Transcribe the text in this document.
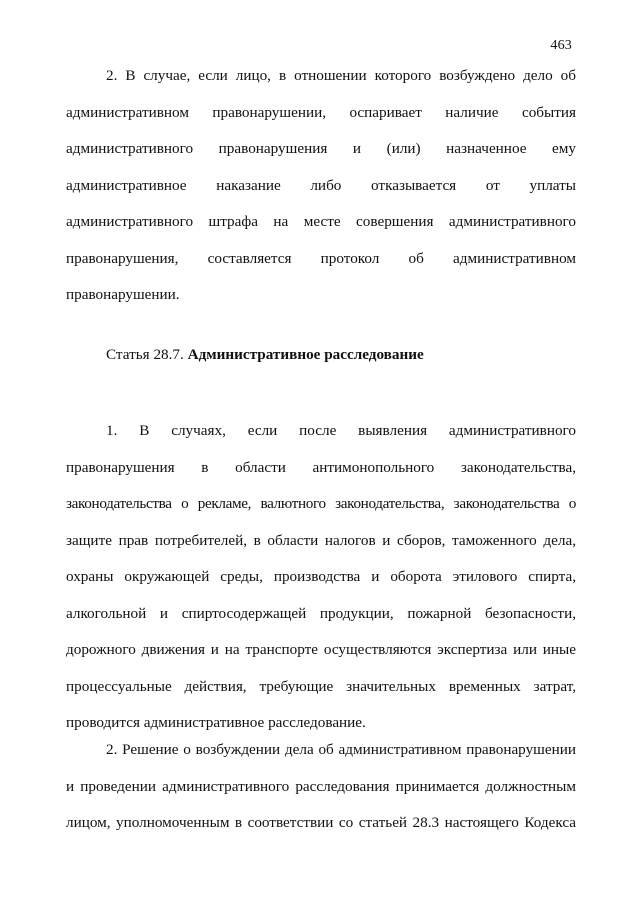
463
2. В случае, если лицо, в отношении которого возбуждено дело об
административном правонарушении, оспаривает наличие события
административного правонарушения и (или) назначенное ему
административное наказание либо отказывается от уплаты
административного штрафа на месте совершения административного
правонарушения, составляется протокол об административном
правонарушении.
Статья 28.7. Административное расследование
1. В случаях, если после выявления административного
правонарушения в области антимонопольного законодательства,
законодательства о рекламе, валютного законодательства, законодательства о
защите прав потребителей, в области налогов и сборов, таможенного дела,
охраны окружающей среды, производства и оборота этилового спирта,
алкогольной и спиртосодержащей продукции, пожарной безопасности,
дорожного движения и на транспорте осуществляются экспертиза или иные
процессуальные действия, требующие значительных временных затрат,
проводится административное расследование.
2. Решение о возбуждении дела об административном правонарушении
и проведении административного расследования принимается должностным
лицом, уполномоченным в соответствии со статьей 28.3 настоящего Кодекса
